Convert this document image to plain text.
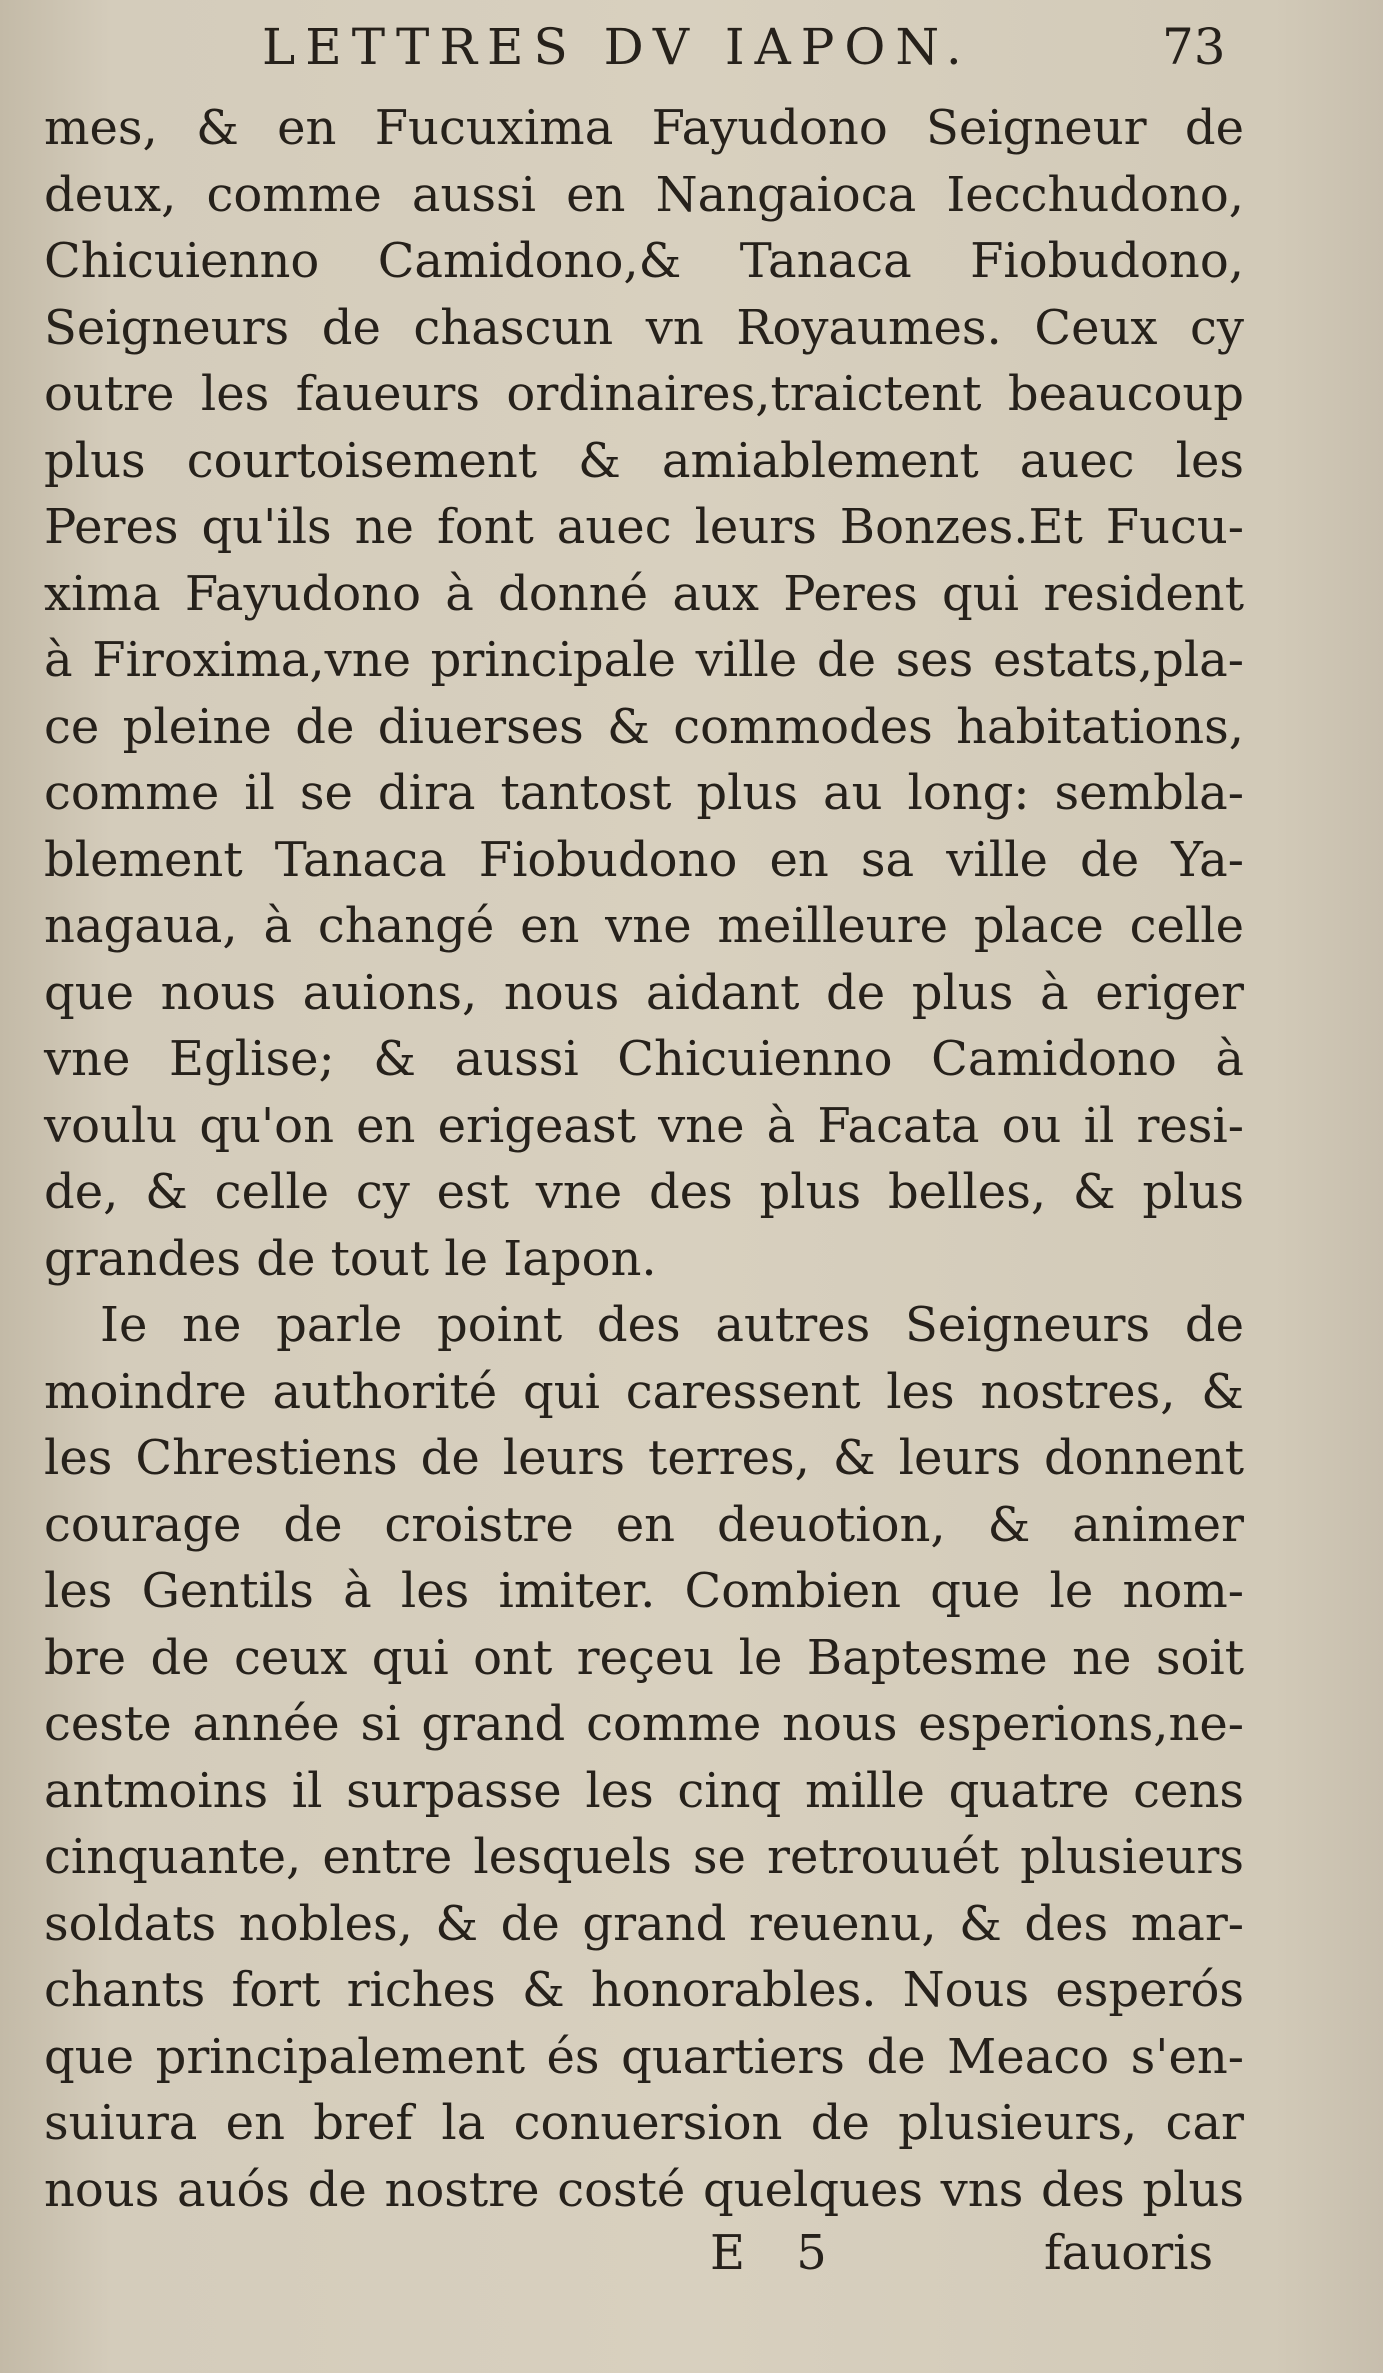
LETTRES DV IAPON.	73
mes, & en Fucuxima Fayudono Seigneur de
deux, comme aussi en Nangaioca Iecchudono,
Chicuienno Camidono,& Tanaca Fiobudono,
Seigneurs de chascun vn Royaumes. Ceux cy
outre les faueurs ordinaires,traictent beaucoup
plus courtoisement & amiablement auec les
Peres qu'ils ne font auec leurs Bonzes.Et Fucu-
xima Fayudono à donné aux Peres qui resident
à Firoxima,vne principale ville de ses estats,pla-
ce pleine de diuerses & commodes habitations,
comme il se dira tantost plus au long: sembla-
blement Tanaca Fiobudono en sa ville de Ya-
nagaua, à changé en vne meilleure place celle
que nous auions, nous aidant de plus à eriger
vne Eglise; & aussi Chicuienno Camidono à
voulu qu'on en erigeast vne à Facata ou il resi-
de, & celle cy est vne des plus belles, & plus
grandes de tout le Iapon.
Ie ne parle point des autres Seigneurs de
moindre authorité qui caressent les nostres, &
les Chrestiens de leurs terres, & leurs donnent
courage de croistre en deuotion, & animer
les Gentils à les imiter. Combien que le nom-
bre de ceux qui ont reçeu le Baptesme ne soit
ceste année si grand comme nous esperions,ne-
antmoins il surpasse les cinq mille quatre cens
cinquante, entre lesquels se retrouuét plusieurs
soldats nobles, & de grand reuenu, & des mar-
chants fort riches & honorables. Nous esperós
que principalement és quartiers de Meaco s'en-
suiura en bref la conuersion de plusieurs, car
nous auós de nostre costé quelques vns des plus
E 5	fauoris
